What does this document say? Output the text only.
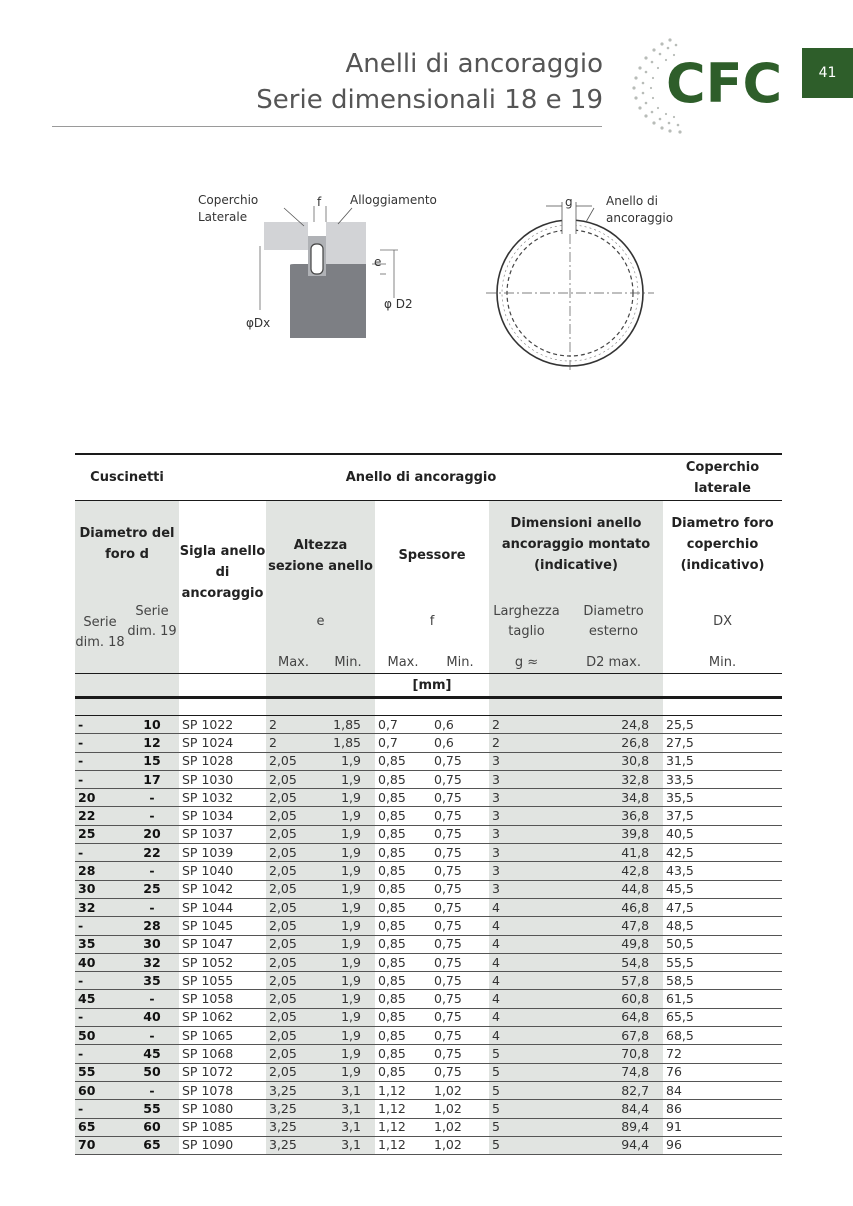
Anelli di ancoraggio
Serie dimensionali 18 e 19 CFC	41
Coperchio
Laterale
f Alloggiamento
e
φDx
φ D2
g	Anello di
ancoraggio
Cuscinetti		Anello di ancoraggio							Coperchio laterale

Diametro del foro d		Sigla anello di ancoraggio	Altezza sezione anello		Spessore		Dimensioni anello ancoraggio montato (indicative)		Diametro foro coperchio (indicativo)
Serie dim. 18	Serie dim. 19		e		f		Larghezza taglio	Diametro esterno	DX
			Max.	Min.	Max.	Min.	g ≈	D2 max.	Min.
					[mm]				

-	10	SP 1022	2	1,85	0,7	0,6	2	24,8	25,5
-	12	SP 1024	2	1,85	0,7	0,6	2	26,8	27,5
-	15	SP 1028	2,05	1,9	0,85	0,75	3	30,8	31,5
-	17	SP 1030	2,05	1,9	0,85	0,75	3	32,8	33,5
20	-	SP 1032	2,05	1,9	0,85	0,75	3	34,8	35,5
22	-	SP 1034	2,05	1,9	0,85	0,75	3	36,8	37,5
25	20	SP 1037	2,05	1,9	0,85	0,75	3	39,8	40,5
-	22	SP 1039	2,05	1,9	0,85	0,75	3	41,8	42,5
28	-	SP 1040	2,05	1,9	0,85	0,75	3	42,8	43,5
30	25	SP 1042	2,05	1,9	0,85	0,75	3	44,8	45,5
32	-	SP 1044	2,05	1,9	0,85	0,75	4	46,8	47,5
-	28	SP 1045	2,05	1,9	0,85	0,75	4	47,8	48,5
35	30	SP 1047	2,05	1,9	0,85	0,75	4	49,8	50,5
40	32	SP 1052	2,05	1,9	0,85	0,75	4	54,8	55,5
-	35	SP 1055	2,05	1,9	0,85	0,75	4	57,8	58,5
45	-	SP 1058	2,05	1,9	0,85	0,75	4	60,8	61,5
-	40	SP 1062	2,05	1,9	0,85	0,75	4	64,8	65,5
50	-	SP 1065	2,05	1,9	0,85	0,75	4	67,8	68,5
-	45	SP 1068	2,05	1,9	0,85	0,75	5	70,8	72
55	50	SP 1072	2,05	1,9	0,85	0,75	5	74,8	76
60	-	SP 1078	3,25	3,1	1,12	1,02	5	82,7	84
-	55	SP 1080	3,25	3,1	1,12	1,02	5	84,4	86
65	60	SP 1085	3,25	3,1	1,12	1,02	5	89,4	91
70	65	SP 1090	3,25	3,1	1,12	1,02	5	94,4	96
